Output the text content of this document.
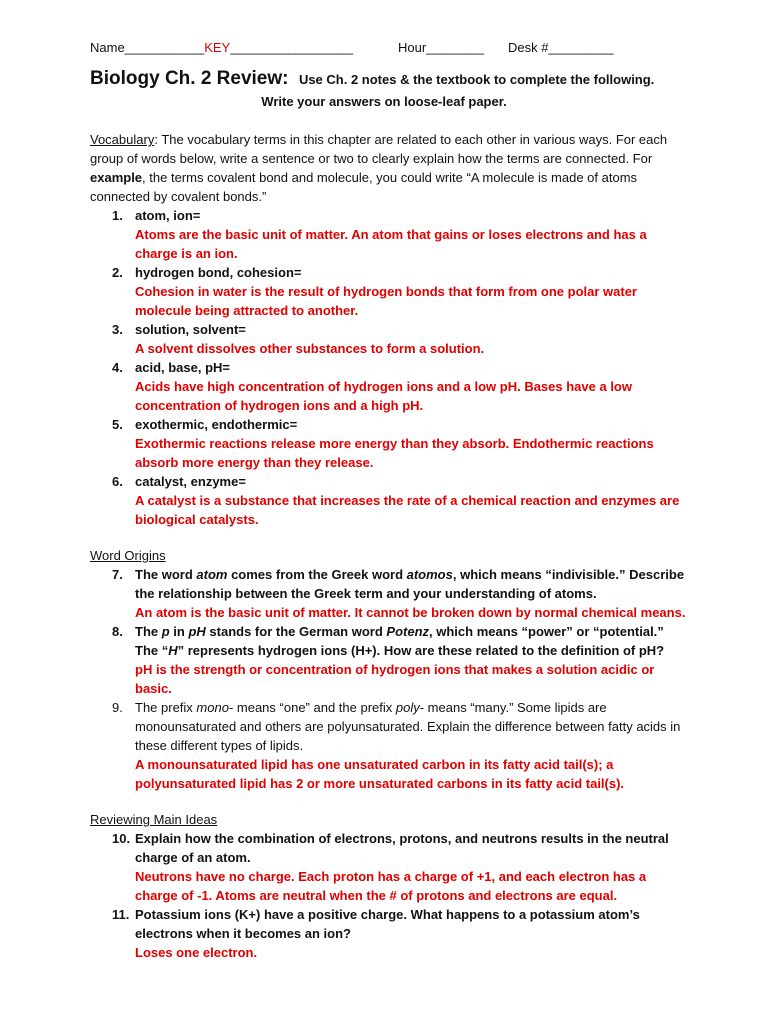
Name___________KEY_________________	Hour________ Desk #_________
Biology Ch. 2 Review: Use Ch. 2 notes & the textbook to complete the following.
Write your answers on loose-leaf paper.

Vocabulary: The vocabulary terms in this chapter are related to each other in various ways. For each group of words below, write a sentence or two to clearly explain how the terms are connected. For example, the terms covalent bond and molecule, you could write “A molecule is made of atoms connected by covalent bonds.”

1. atom, ion=
Atoms are the basic unit of matter. An atom that gains or loses electrons and has a charge is an ion.
2. hydrogen bond, cohesion=
Cohesion in water is the result of hydrogen bonds that form from one polar water molecule being attracted to another.
3. solution, solvent=
A solvent dissolves other substances to form a solution.
4. acid, base, pH=
Acids have high concentration of hydrogen ions and a low pH. Bases have a low concentration of hydrogen ions and a high pH.
5. exothermic, endothermic=
Exothermic reactions release more energy than they absorb. Endothermic reactions absorb more energy than they release.
6. catalyst, enzyme=
A catalyst is a substance that increases the rate of a chemical reaction and enzymes are biological catalysts.

Word Origins

7. The word atom comes from the Greek word atomos, which means “indivisible.” Describe the relationship between the Greek term and your understanding of atoms.
An atom is the basic unit of matter. It cannot be broken down by normal chemical means.
8. The p in pH stands for the German word Potenz, which means “power” or “potential.” The “H” represents hydrogen ions (H+). How are these related to the definition of pH?
pH is the strength or concentration of hydrogen ions that makes a solution acidic or basic.
9. The prefix mono- means “one” and the prefix poly- means “many.” Some lipids are monounsaturated and others are polyunsaturated. Explain the difference between fatty acids in these different types of lipids.
A monounsaturated lipid has one unsaturated carbon in its fatty acid tail(s); a polyunsaturated lipid has 2 or more unsaturated carbons in its fatty acid tail(s).

Reviewing Main Ideas

10. Explain how the combination of electrons, protons, and neutrons results in the neutral charge of an atom.
Neutrons have no charge. Each proton has a charge of +1, and each electron has a charge of -1. Atoms are neutral when the # of protons and electrons are equal.
11. Potassium ions (K+) have a positive charge. What happens to a potassium atom’s electrons when it becomes an ion?
Loses one electron.
